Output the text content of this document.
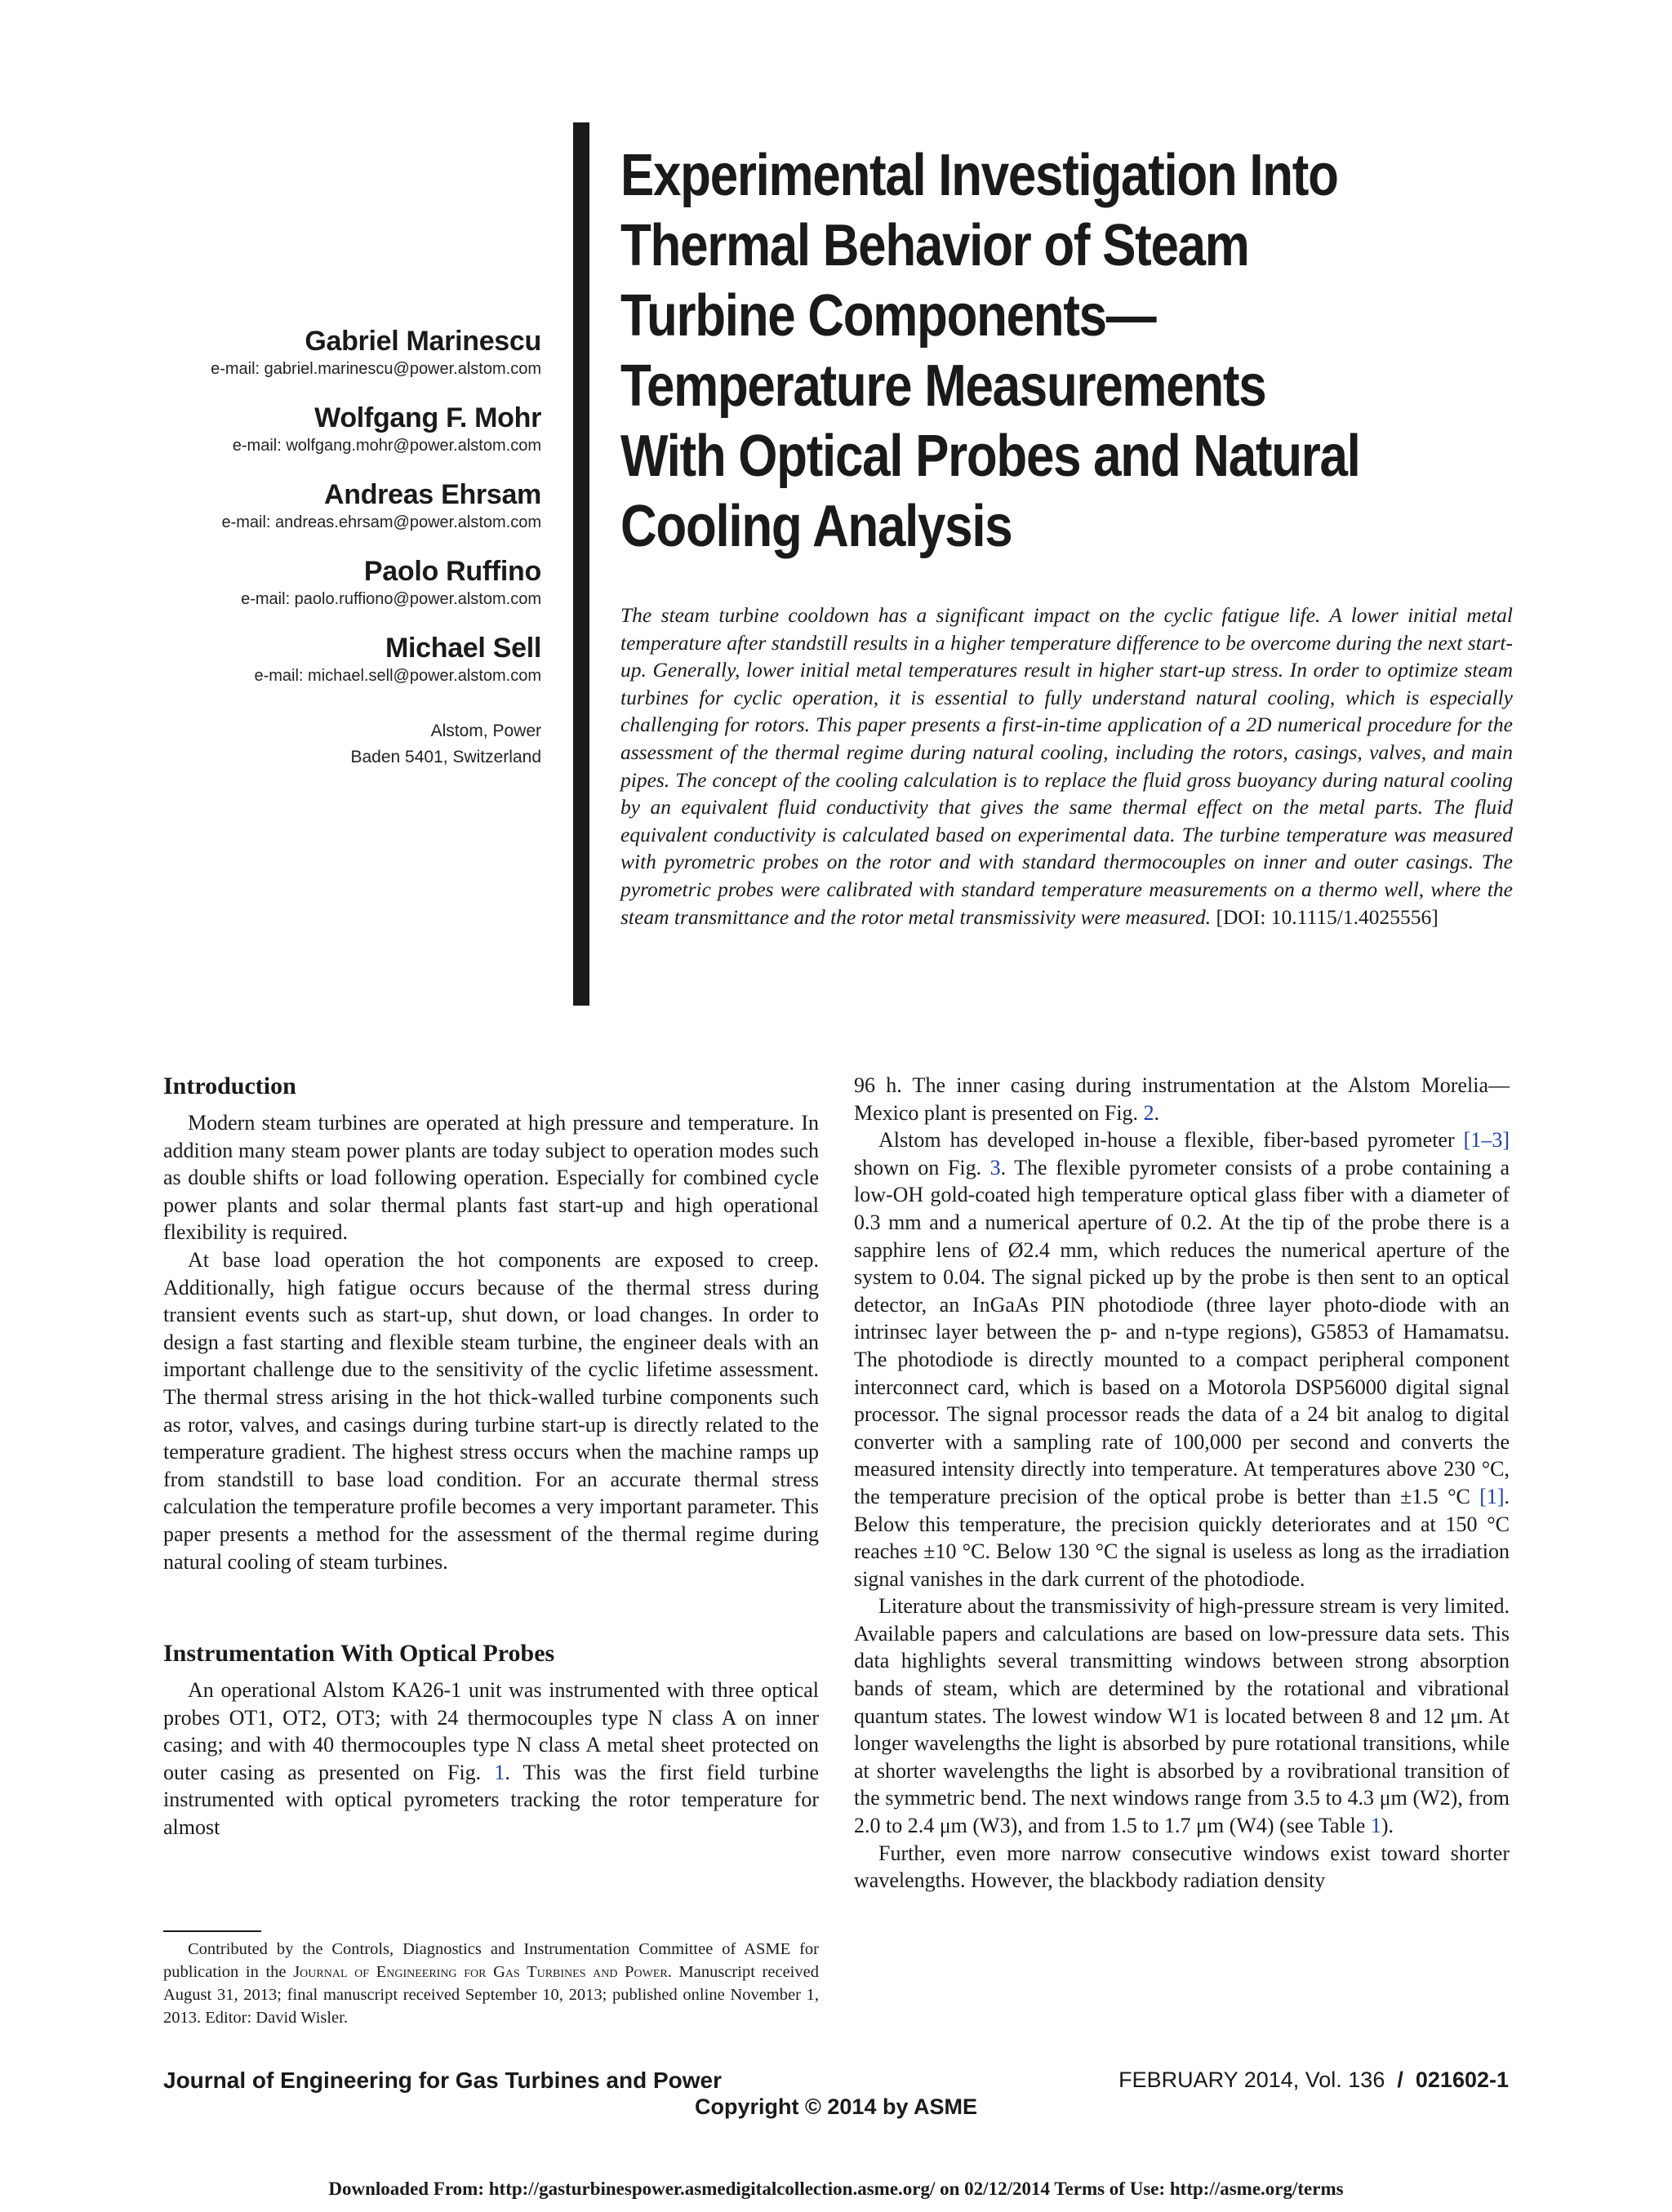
Gabriel Marinescu
e-mail: gabriel.marinescu@power.alstom.com
Wolfgang F. Mohr
e-mail: wolfgang.mohr@power.alstom.com
Andreas Ehrsam
e-mail: andreas.ehrsam@power.alstom.com
Paolo Ruffino
e-mail: paolo.ruffiono@power.alstom.com
Michael Sell
e-mail: michael.sell@power.alstom.com
Alstom, Power
Baden 5401, Switzerland
Experimental Investigation Into
Thermal Behavior of Steam
Turbine Components—
Temperature Measurements
With Optical Probes and Natural
Cooling Analysis

The steam turbine cooldown has a significant impact on the cyclic fatigue life. A lower initial metal temperature after standstill results in a higher temperature difference to be overcome during the next start-up. Generally, lower initial metal temperatures result in higher start-up stress. In order to optimize steam turbines for cyclic operation, it is essential to fully understand natural cooling, which is especially challenging for rotors. This paper presents a first-in-time application of a 2D numerical procedure for the assessment of the thermal regime during natural cooling, including the rotors, casings, valves, and main pipes. The concept of the cooling calculation is to replace the fluid gross buoyancy during natural cooling by an equivalent fluid conductivity that gives the same thermal effect on the metal parts. The fluid equivalent conductivity is calculated based on experimental data. The turbine temperature was measured with pyrometric probes on the rotor and with standard thermocouples on inner and outer casings. The pyrometric probes were calibrated with standard temperature measurements on a thermo well, where the steam transmittance and the rotor metal transmissivity were measured. [DOI: 10.1115/1.4025556]

Introduction

Modern steam turbines are operated at high pressure and temperature. In addition many steam power plants are today subject to operation modes such as double shifts or load following operation. Especially for combined cycle power plants and solar thermal plants fast start-up and high operational flexibility is required.

At base load operation the hot components are exposed to creep. Additionally, high fatigue occurs because of the thermal stress during transient events such as start-up, shut down, or load changes. In order to design a fast starting and flexible steam turbine, the engineer deals with an important challenge due to the sensitivity of the cyclic lifetime assessment. The thermal stress arising in the hot thick-walled turbine components such as rotor, valves, and casings during turbine start-up is directly related to the temperature gradient. The highest stress occurs when the machine ramps up from standstill to base load condition. For an accurate thermal stress calculation the temperature profile becomes a very important parameter. This paper presents a method for the assessment of the thermal regime during natural cooling of steam turbines.

Instrumentation With Optical Probes

An operational Alstom KA26-1 unit was instrumented with three optical probes OT1, OT2, OT3; with 24 thermocouples type N class A on inner casing; and with 40 thermocouples type N class A metal sheet protected on outer casing as presented on Fig. 1. This was the first field turbine instrumented with optical pyrometers tracking the rotor temperature for almost

96 h. The inner casing during instrumentation at the Alstom Morelia—Mexico plant is presented on Fig. 2.

Alstom has developed in-house a flexible, fiber-based pyrometer [1–3] shown on Fig. 3. The flexible pyrometer consists of a probe containing a low-OH gold-coated high temperature optical glass fiber with a diameter of 0.3 mm and a numerical aperture of 0.2. At the tip of the probe there is a sapphire lens of Ø2.4 mm, which reduces the numerical aperture of the system to 0.04. The signal picked up by the probe is then sent to an optical detector, an InGaAs PIN photodiode (three layer photo-diode with an intrinsec layer between the p- and n-type regions), G5853 of Hamamatsu. The photodiode is directly mounted to a compact peripheral component interconnect card, which is based on a Motorola DSP56000 digital signal processor. The signal processor reads the data of a 24 bit analog to digital converter with a sampling rate of 100,000 per second and converts the measured intensity directly into temperature. At temperatures above 230 °C, the temperature precision of the optical probe is better than ±1.5 °C [1]. Below this temperature, the precision quickly deteriorates and at 150 °C reaches ±10 °C. Below 130 °C the signal is useless as long as the irradiation signal vanishes in the dark current of the photodiode.

Literature about the transmissivity of high-pressure stream is very limited. Available papers and calculations are based on low-pressure data sets. This data highlights several transmitting windows between strong absorption bands of steam, which are determined by the rotational and vibrational quantum states. The lowest window W1 is located between 8 and 12 μm. At longer wavelengths the light is absorbed by pure rotational transitions, while at shorter wavelengths the light is absorbed by a rovibrational transition of the symmetric bend. The next windows range from 3.5 to 4.3 μm (W2), from 2.0 to 2.4 μm (W3), and from 1.5 to 1.7 μm (W4) (see Table 1).

Further, even more narrow consecutive windows exist toward shorter wavelengths. However, the blackbody radiation density

Contributed by the Controls, Diagnostics and Instrumentation Committee of ASME for publication in the Journal of Engineering for Gas Turbines and Power. Manuscript received August 31, 2013; final manuscript received September 10, 2013; published online November 1, 2013. Editor: David Wisler.

Journal of Engineering for Gas Turbines and Power	FEBRUARY 2014, Vol. 136 / 021602-1
Copyright © 2014 by ASME
Downloaded From: http://gasturbinespower.asmedigitalcollection.asme.org/ on 02/12/2014 Terms of Use: http://asme.org/terms
